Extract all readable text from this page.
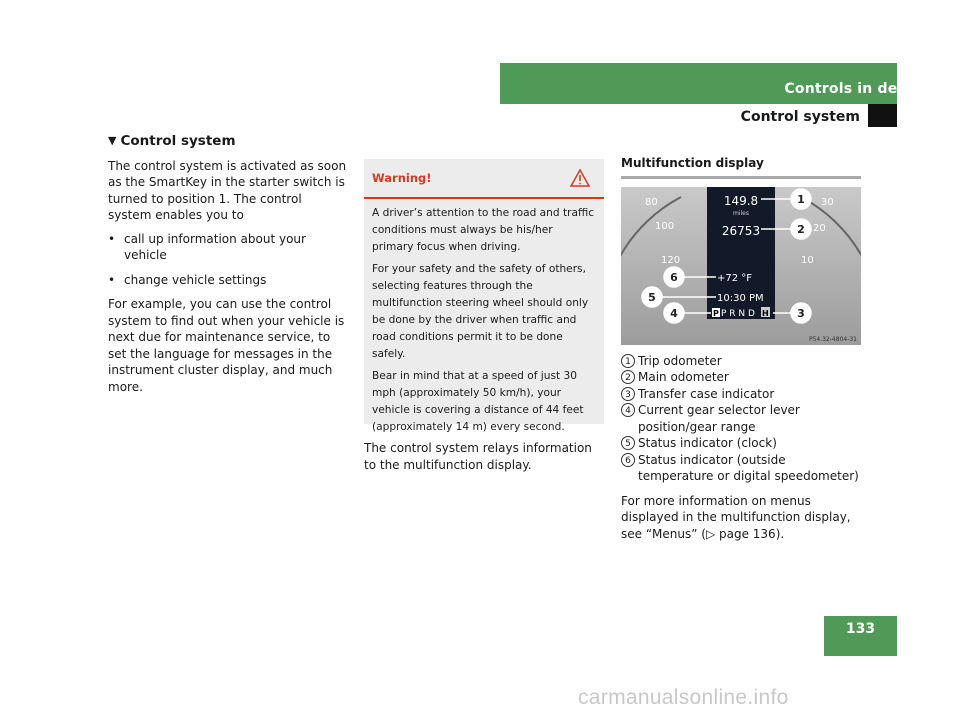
Controls in detail
Control system
▼ Control system

The control system is activated as soon as the SmartKey in the starter switch is turned to position 1. The control system enables you to

• call up information about your vehicle
• change vehicle settings

For example, you can use the control system to find out when your vehicle is next due for maintenance service, to set the language for messages in the instrument cluster display, and much more.

Warning!

A driver’s attention to the road and traffic conditions must always be his/her primary focus when driving.

For your safety and the safety of others, selecting features through the multifunction steering wheel should only be done by the driver when traffic and road conditions permit it to be done safely.

Bear in mind that at a speed of just 30 mph (approximately 50 km/h), your vehicle is covering a distance of 44 feet (approximately 14 m) every second.

The control system relays information to the multifunction display.

Multifunction display
80
100
120
30
20
10
149.8
miles
26753
+72 °F
10:30 PM
P P R N D H
1
2
3
4
5
6
P54.32-4804-31
1 Trip odometer
2 Main odometer
3 Transfer case indicator
4 Current gear selector lever position/gear range
5 Status indicator (clock)
6 Status indicator (outside temperature or digital speedometer)

For more information on menus displayed in the multifunction display, see “Menus” (▷ page 136).

133
carmanualsonline.info
